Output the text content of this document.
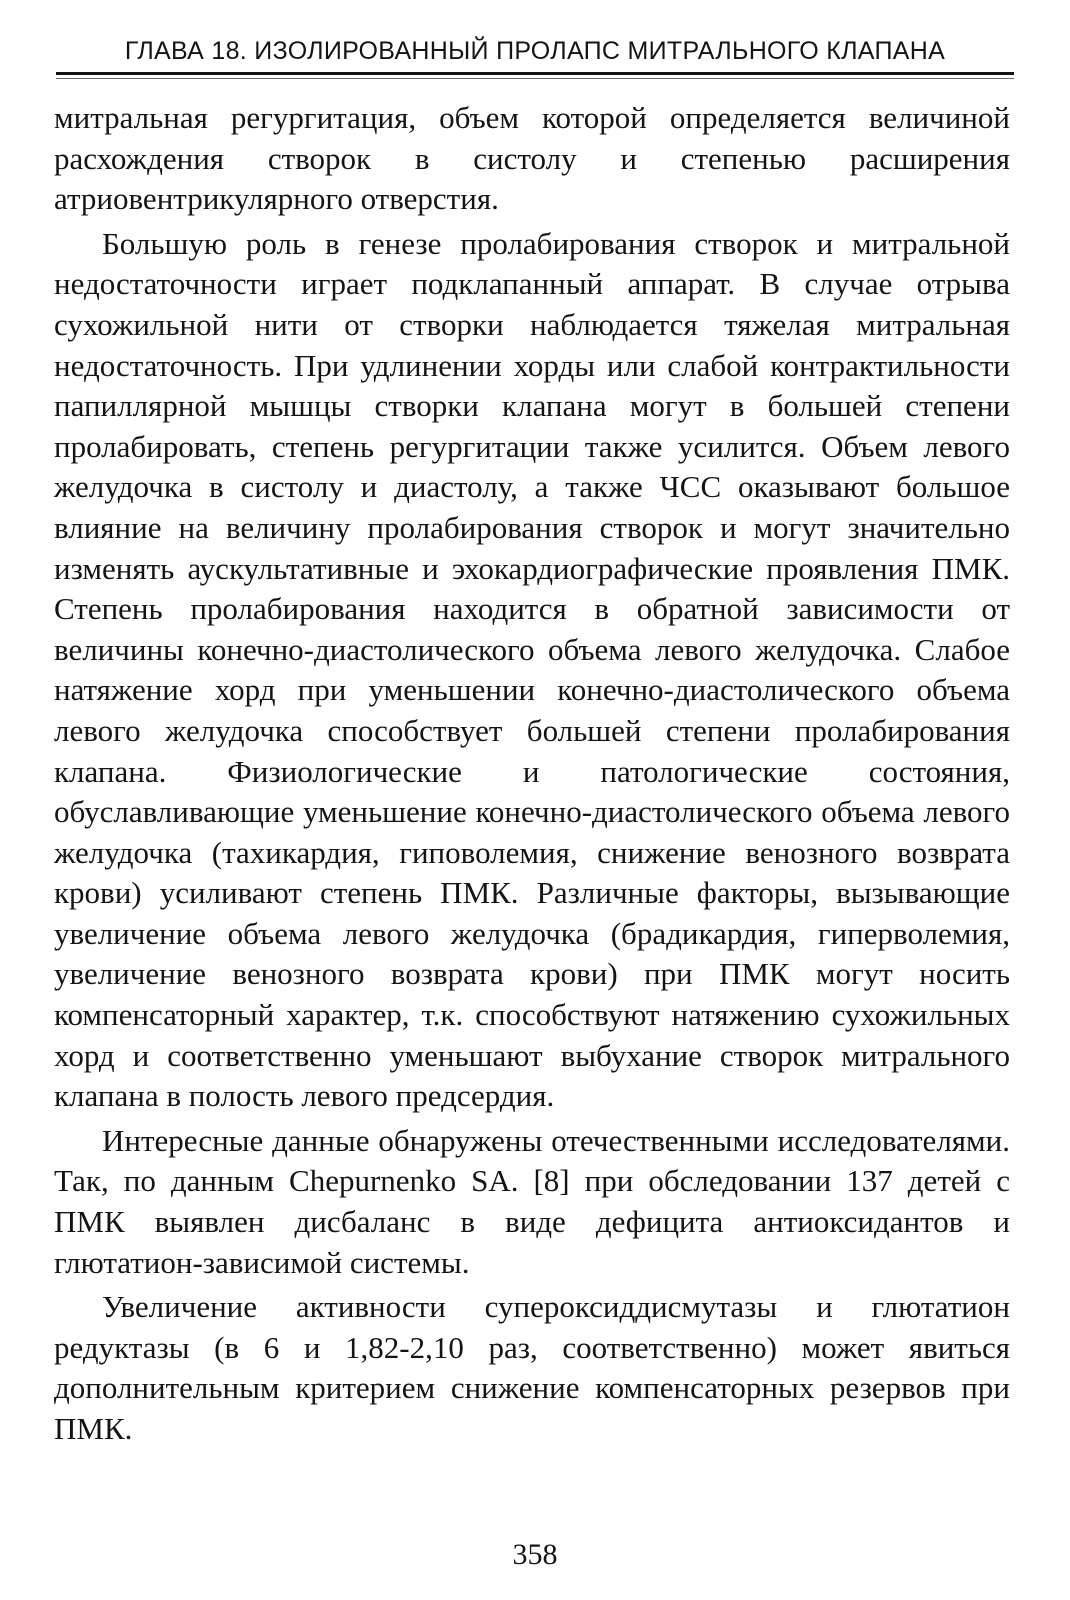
ГЛАВА 18. ИЗОЛИРОВАННЫЙ ПРОЛАПС МИТРАЛЬНОГО КЛАПАНА

митральная регургитация, объем которой определяется величиной расхождения створок в систолу и степенью расширения атриовентрикулярного отверстия.

Большую роль в генезе пролабирования створок и митральной недостаточности играет подклапанный аппарат. В случае отрыва сухожильной нити от створки наблюдается тяжелая митральная недостаточность. При удлинении хорды или слабой контрактильности папиллярной мышцы створки клапана могут в большей степени пролабировать, степень регургитации также усилится. Объем левого желудочка в систолу и диастолу, а также ЧСС оказывают большое влияние на величину пролабирования створок и могут значительно изменять аускультативные и эхокардиографические проявления ПМК. Степень пролабирования находится в обратной зависимости от величины конечно-диастолического объема левого желудочка. Слабое натяжение хорд при уменьшении конечно-диастолического объема левого желудочка способствует большей степени пролабирования клапана. Физиологические и патологические состояния, обуславливающие уменьшение конечно-диастолического объема левого желудочка (тахикардия, гиповолемия, снижение венозного возврата крови) усиливают степень ПМК. Различные факторы, вызывающие увеличение объема левого желудочка (брадикардия, гиперволемия, увеличение венозного возврата крови) при ПМК могут носить компенсаторный характер, т.к. способствуют натяжению сухожильных хорд и соответственно уменьшают выбухание створок митрального клапана в полость левого предсердия.

Интересные данные обнаружены отечественными исследователями. Так, по данным Chepurnenko SA. [8] при обследовании 137 детей с ПМК выявлен дисбаланс в виде дефицита антиоксидантов и глютатион-зависимой системы.

Увеличение активности супероксиддисмутазы и глютатион редуктазы (в 6 и 1,82-2,10 раз, соответственно) может явиться дополнительным критерием снижение компенсаторных резервов при ПМК.

358
